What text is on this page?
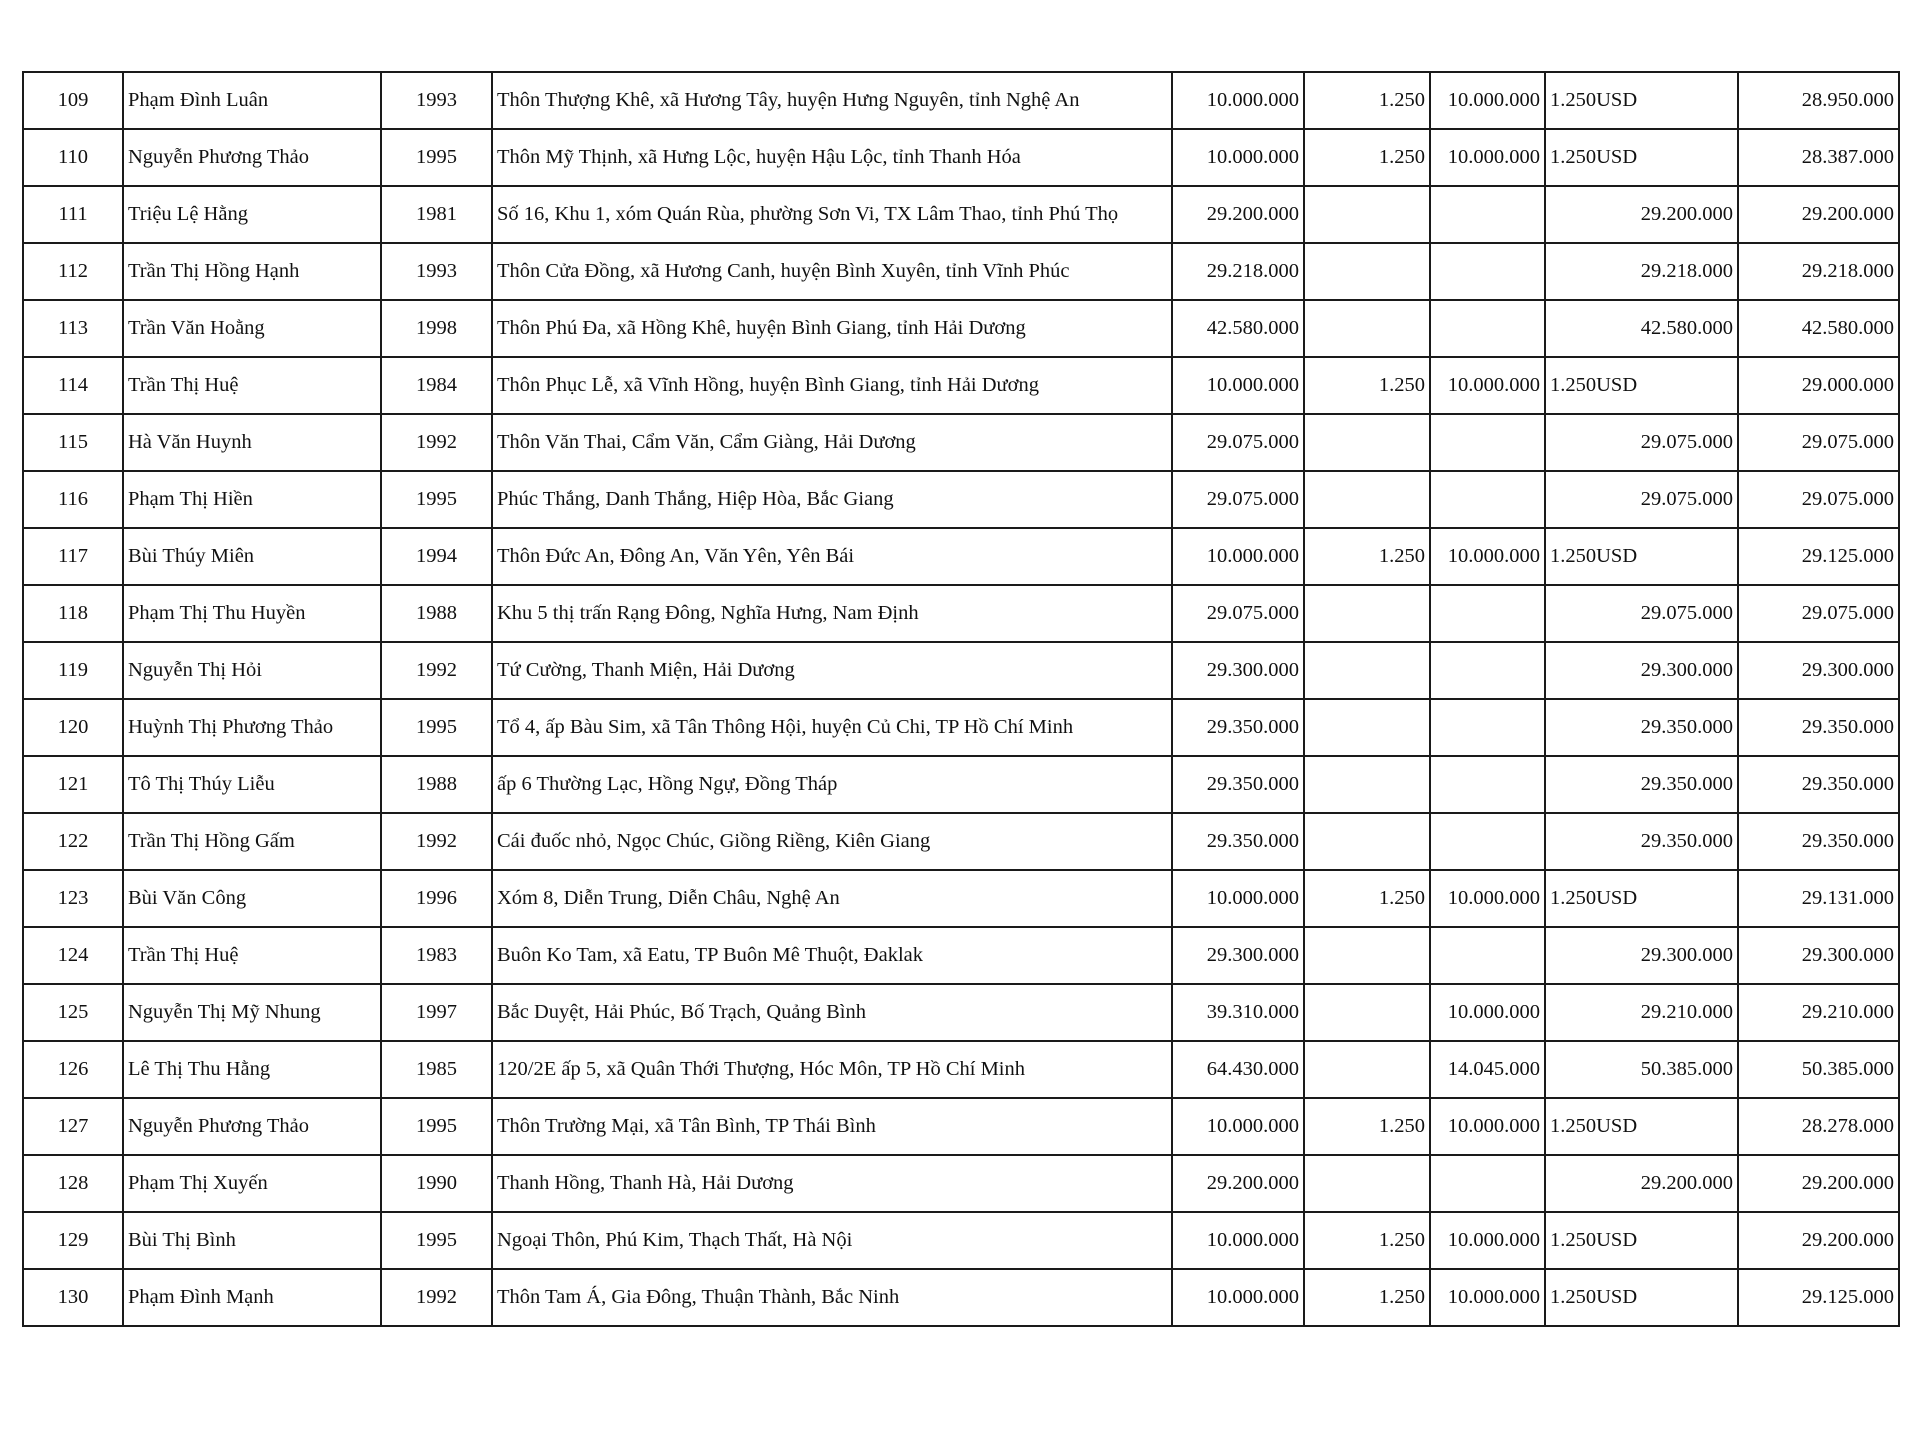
109	Phạm Đình Luân	1993	Thôn Thượng Khê, xã Hương Tây, huyện Hưng Nguyên, tỉnh Nghệ An	10.000.000	1.250	10.000.000	1.250USD	28.950.000
110	Nguyễn Phương Thảo	1995	Thôn Mỹ Thịnh, xã Hưng Lộc, huyện Hậu Lộc, tỉnh Thanh Hóa	10.000.000	1.250	10.000.000	1.250USD	28.387.000
111	Triệu Lệ Hằng	1981	Số 16, Khu 1, xóm Quán Rùa, phường Sơn Vi, TX Lâm Thao, tỉnh Phú Thọ	29.200.000			29.200.000	29.200.000
112	Trần Thị Hồng Hạnh	1993	Thôn Cửa Đồng, xã Hương Canh, huyện Bình Xuyên, tỉnh Vĩnh Phúc	29.218.000			29.218.000	29.218.000
113	Trần Văn Hoằng	1998	Thôn Phú Đa, xã Hồng Khê, huyện Bình Giang, tỉnh Hải Dương	42.580.000			42.580.000	42.580.000
114	Trần Thị Huệ	1984	Thôn Phục Lễ, xã Vĩnh Hồng, huyện Bình Giang, tỉnh Hải Dương	10.000.000	1.250	10.000.000	1.250USD	29.000.000
115	Hà Văn Huynh	1992	Thôn Văn Thai, Cẩm Văn, Cẩm Giàng, Hải Dương	29.075.000			29.075.000	29.075.000
116	Phạm Thị Hiền	1995	Phúc Thắng, Danh Thắng, Hiệp Hòa, Bắc Giang	29.075.000			29.075.000	29.075.000
117	Bùi Thúy Miên	1994	Thôn Đức An, Đông An, Văn Yên, Yên Bái	10.000.000	1.250	10.000.000	1.250USD	29.125.000
118	Phạm Thị Thu Huyền	1988	Khu 5 thị trấn Rạng Đông, Nghĩa Hưng, Nam Định	29.075.000			29.075.000	29.075.000
119	Nguyễn Thị Hỏi	1992	Tứ Cường, Thanh Miện, Hải Dương	29.300.000			29.300.000	29.300.000
120	Huỳnh Thị Phương Thảo	1995	Tổ 4, ấp Bàu Sim, xã Tân Thông Hội, huyện Củ Chi, TP Hồ Chí Minh	29.350.000			29.350.000	29.350.000
121	Tô Thị Thúy Liễu	1988	ấp 6 Thường Lạc, Hồng Ngự, Đồng Tháp	29.350.000			29.350.000	29.350.000
122	Trần Thị Hồng Gấm	1992	Cái đuốc nhỏ, Ngọc Chúc, Giồng Riềng, Kiên Giang	29.350.000			29.350.000	29.350.000
123	Bùi Văn Công	1996	Xóm 8, Diễn Trung, Diễn Châu, Nghệ An	10.000.000	1.250	10.000.000	1.250USD	29.131.000
124	Trần Thị Huệ	1983	Buôn Ko Tam, xã Eatu, TP Buôn Mê Thuột, Đaklak	29.300.000			29.300.000	29.300.000
125	Nguyễn Thị Mỹ Nhung	1997	Bắc Duyệt, Hải Phúc, Bố Trạch, Quảng Bình	39.310.000		10.000.000	29.210.000	29.210.000
126	Lê Thị Thu Hằng	1985	120/2E ấp 5, xã Quân Thới Thượng, Hóc Môn, TP Hồ Chí Minh	64.430.000		14.045.000	50.385.000	50.385.000
127	Nguyễn Phương Thảo	1995	Thôn Trường Mại, xã Tân Bình, TP Thái Bình	10.000.000	1.250	10.000.000	1.250USD	28.278.000
128	Phạm Thị Xuyến	1990	Thanh Hồng, Thanh Hà, Hải Dương	29.200.000			29.200.000	29.200.000
129	Bùi Thị Bình	1995	Ngoại Thôn, Phú Kim, Thạch Thất, Hà Nội	10.000.000	1.250	10.000.000	1.250USD	29.200.000
130	Phạm Đình Mạnh	1992	Thôn Tam Á, Gia Đông, Thuận Thành, Bắc Ninh	10.000.000	1.250	10.000.000	1.250USD	29.125.000
